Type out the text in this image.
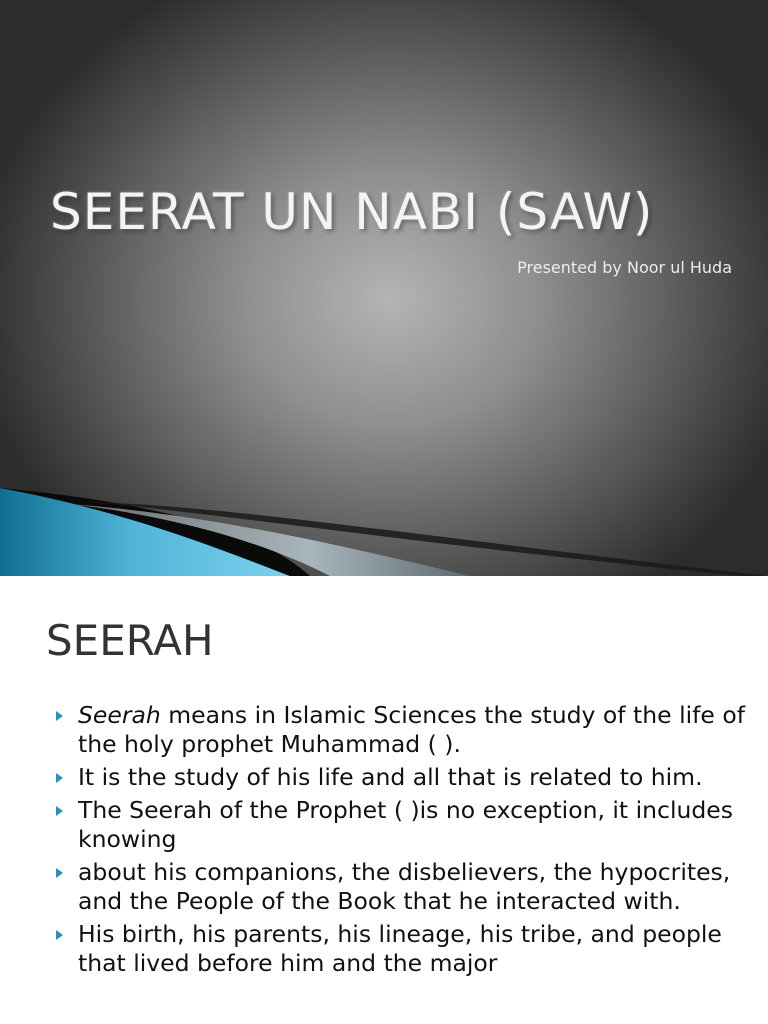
SEERAT UN NABI (SAW)
Presented by Noor ul Huda
SEERAH
Seerah means in Islamic Sciences the study of the life of the holy prophet Muhammad ( ).
It is the study of his life and all that is related to him.
The Seerah of the Prophet ( )is no exception, it includes knowing
about his companions, the disbelievers, the hypocrites, and the People of the Book that he interacted with.
His birth, his parents, his lineage, his tribe, and people that lived before him and the major
